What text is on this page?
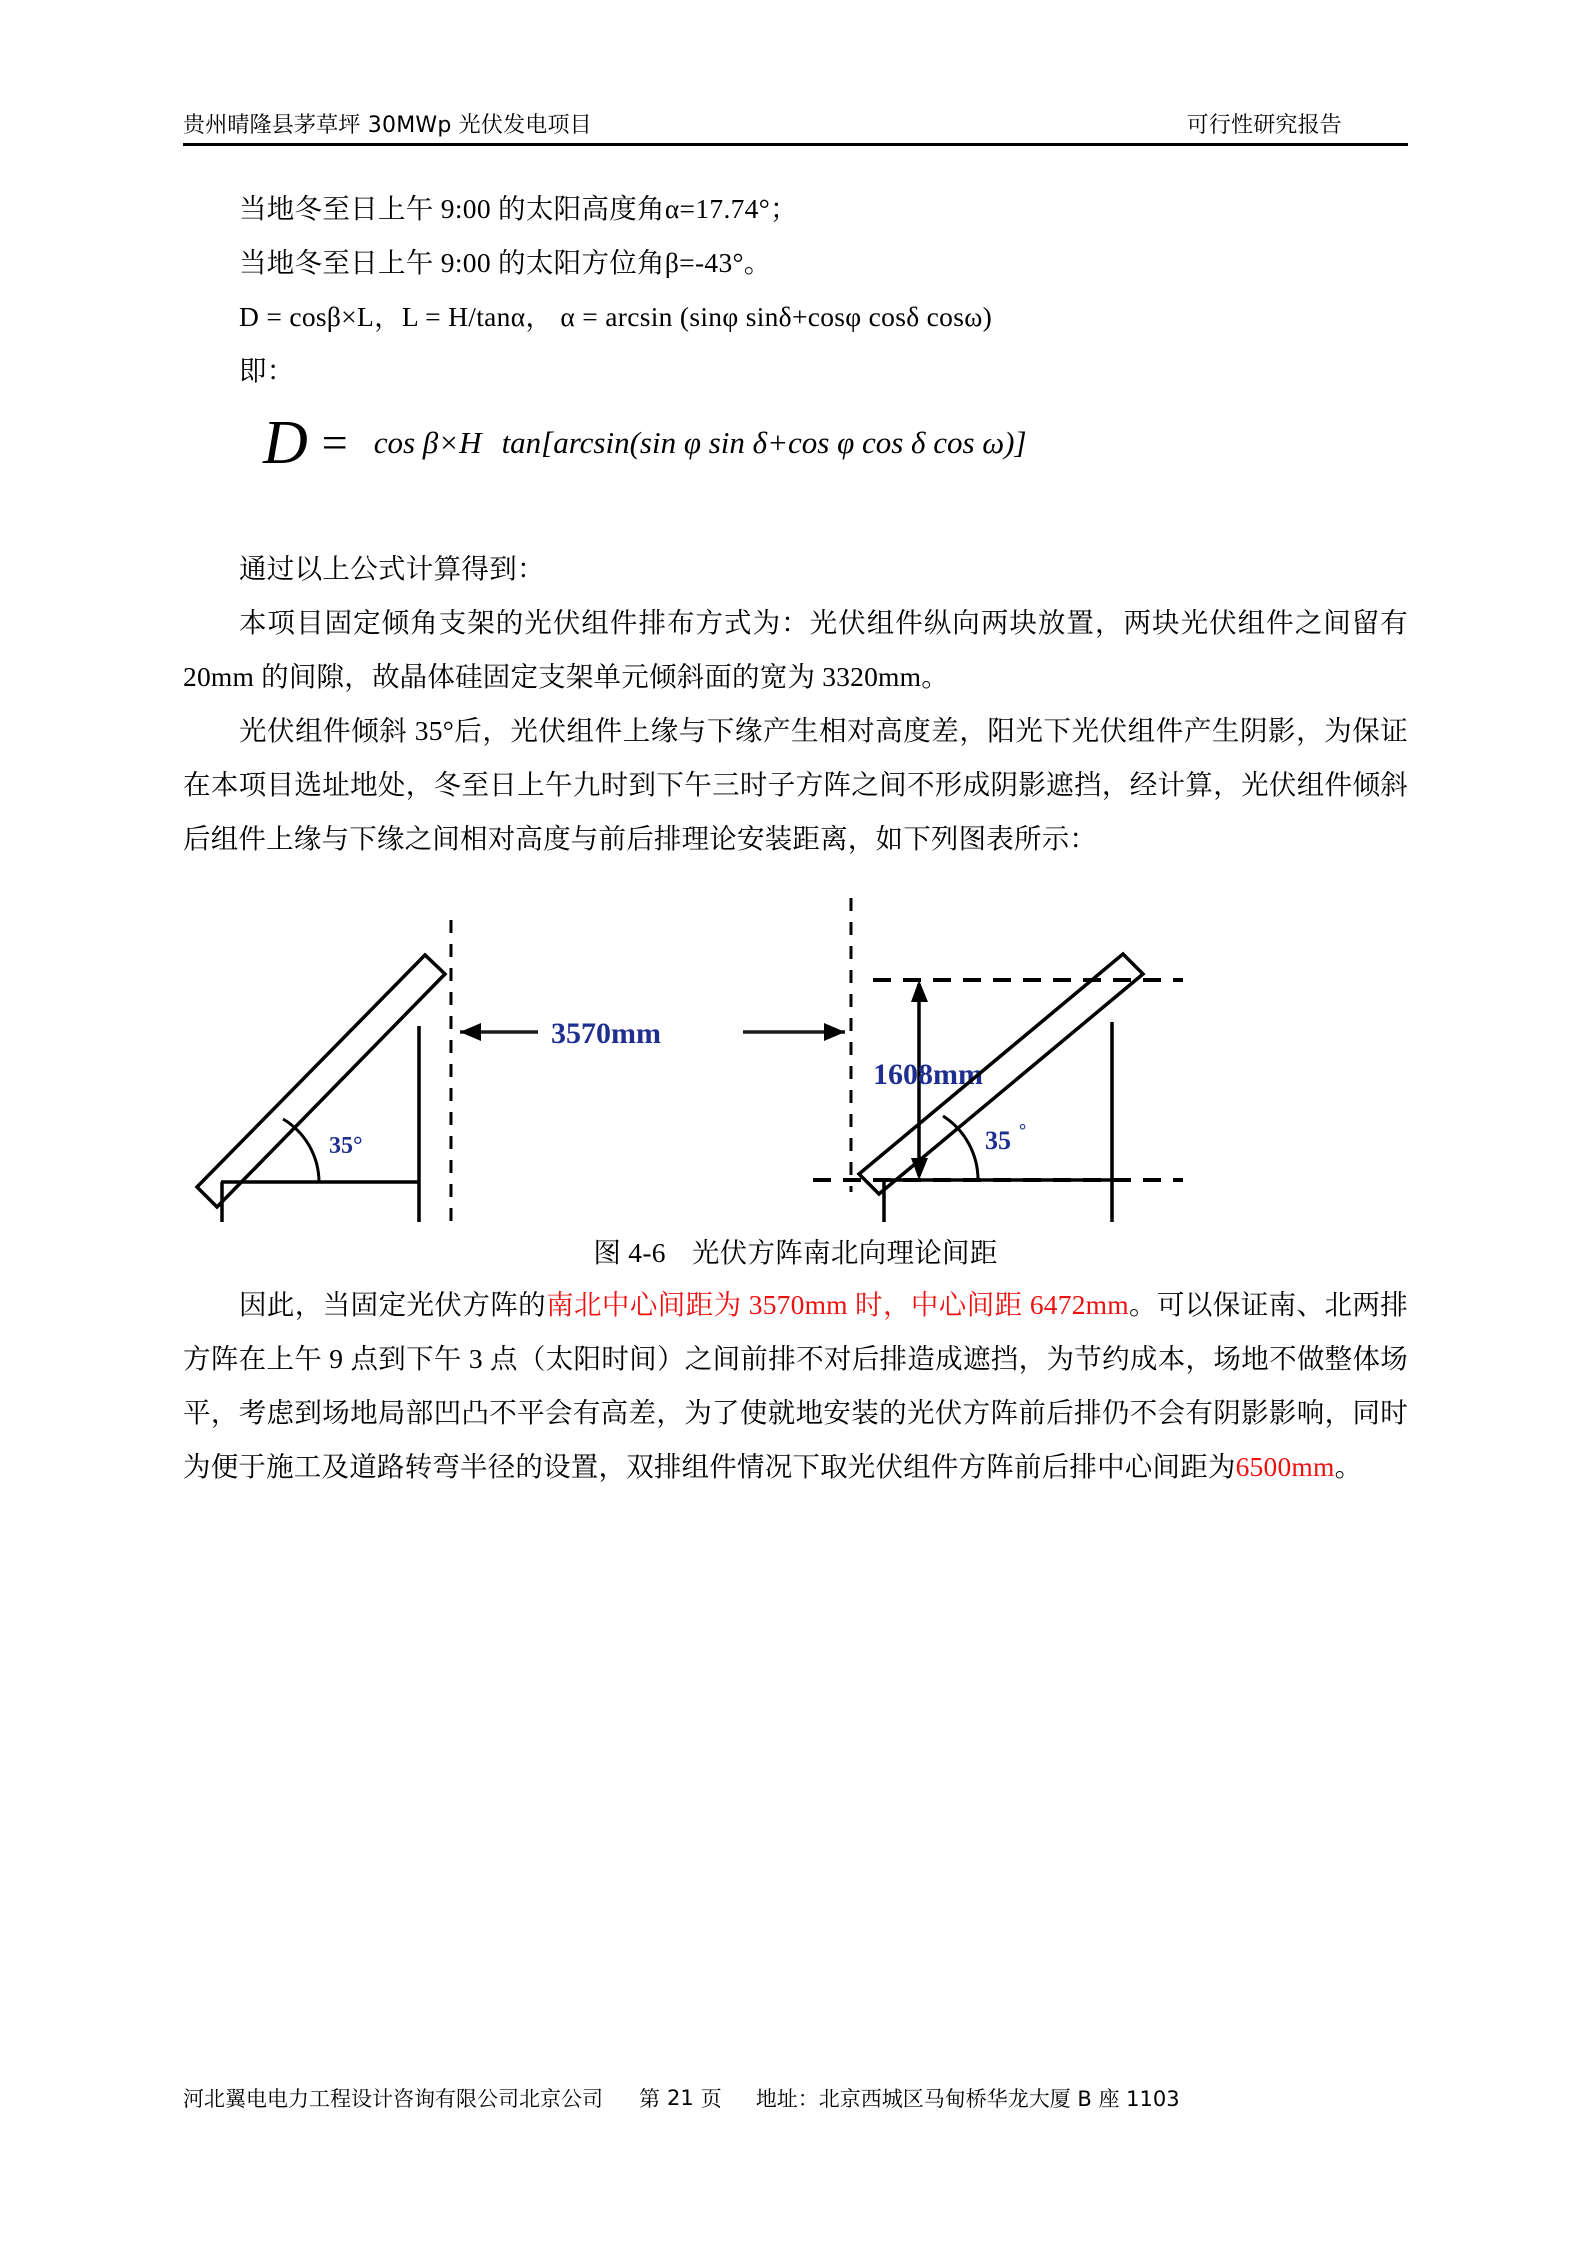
贵州晴隆县茅草坪 30MWp 光伏发电项目	可行性研究报告

当地冬至日上午 9:00 的太阳高度角α=17.74°；

当地冬至日上午 9:00 的太阳方位角β=-43°。

D = cosβ×L，L = H/tanα， α = arcsin (sinφ sinδ+cosφ cosδ cosω)

即：

D = cos β×H tan[arcsin(sin φ sin δ+cos φ cos δ cos ω)]

通过以上公式计算得到：

本项目固定倾角支架的光伏组件排布方式为：光伏组件纵向两块放置，两块光伏组件之间留有 20mm 的间隙，故晶体硅固定支架单元倾斜面的宽为 3320mm。

光伏组件倾斜 35°后，光伏组件上缘与下缘产生相对高度差，阳光下光伏组件产生阴影，为保证在本项目选址地处，冬至日上午九时到下午三时子方阵之间不形成阴影遮挡，经计算，光伏组件倾斜后组件上缘与下缘之间相对高度与前后排理论安装距离，如下列图表所示：

35°
3570mm
1608mm
35 °
图 4-6 光伏方阵南北向理论间距

因此，当固定光伏方阵的南北中心间距为 3570mm 时，中心间距 6472mm。可以保证南、北两排方阵在上午 9 点到下午 3 点（太阳时间）之间前排不对后排造成遮挡，为节约成本，场地不做整体场平，考虑到场地局部凹凸不平会有高差，为了使就地安装的光伏方阵前后排仍不会有阴影影响，同时为便于施工及道路转弯半径的设置，双排组件情况下取光伏组件方阵前后排中心间距为6500mm。

河北翼电电力工程设计咨询有限公司北京公司 第 21 页 地址：北京西城区马甸桥华龙大厦 B 座 1103
